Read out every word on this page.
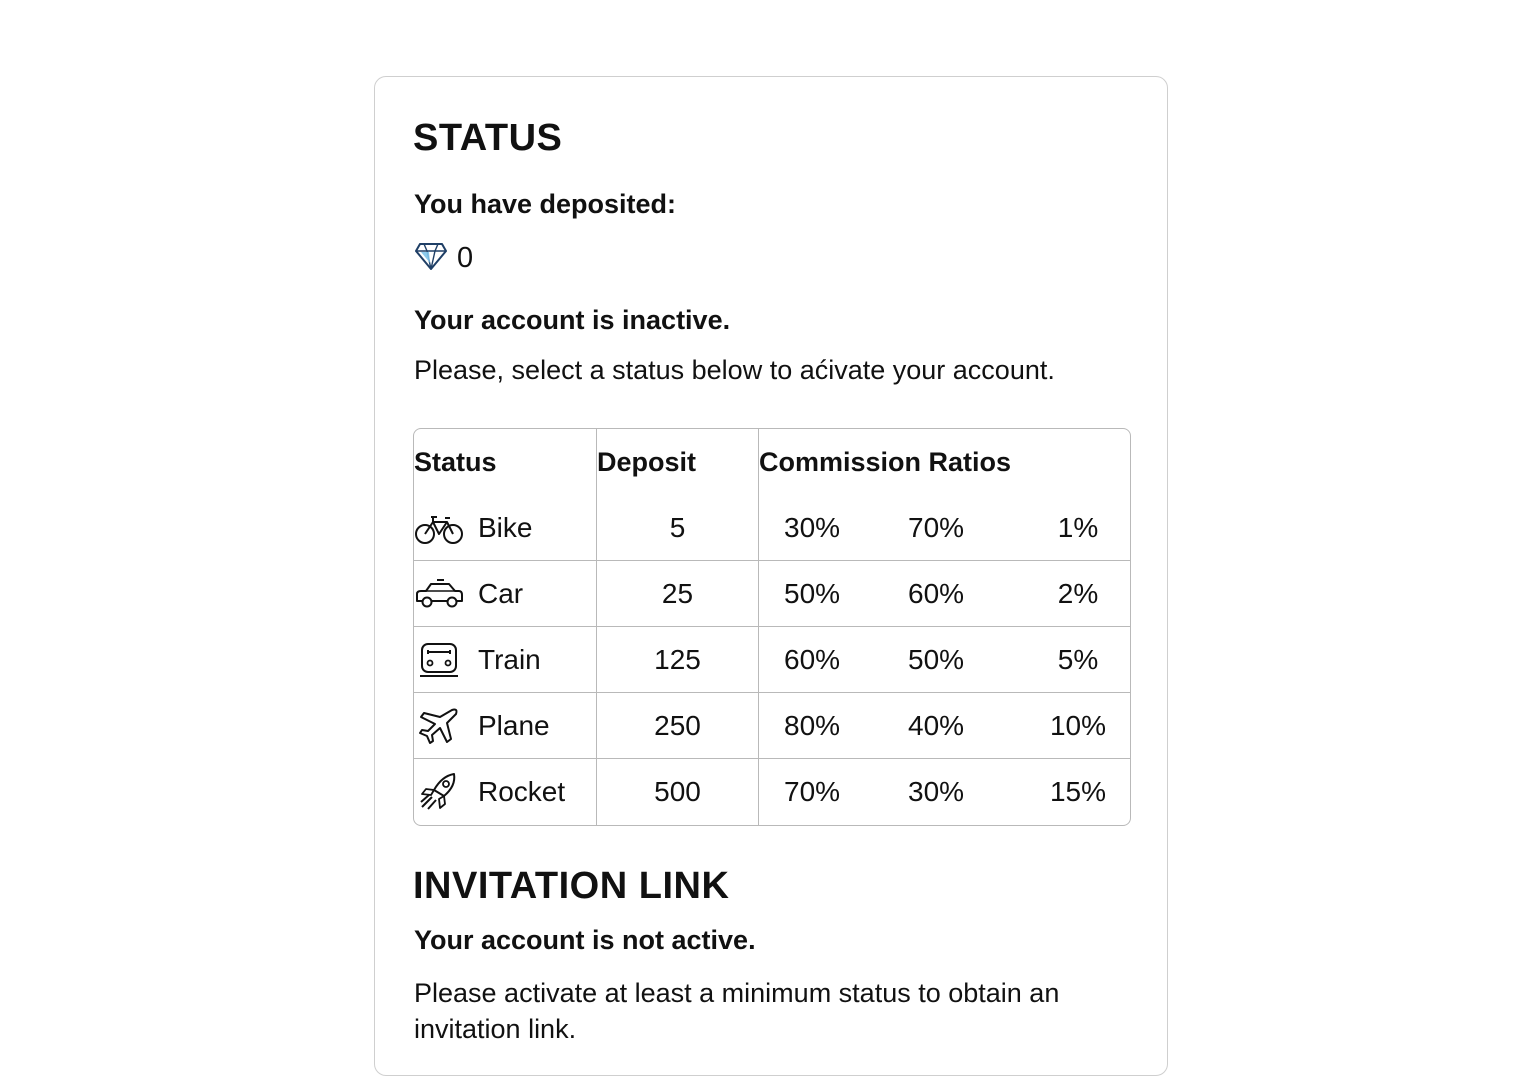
STATUS
You have deposited:
0
Your account is inactive.
Please, select a status below to aćivate your account.
Status	Deposit	Commission Ratios

Bike	5	30% 70% 1%

Car	25	50% 60% 2%

Train	125	60% 50% 5%

Plane	250	80% 40% 10%

Rocket	500	70% 30% 15%
INVITATION LINK
Your account is not active.
Please activate at least a minimum status to obtain an invitation link.
